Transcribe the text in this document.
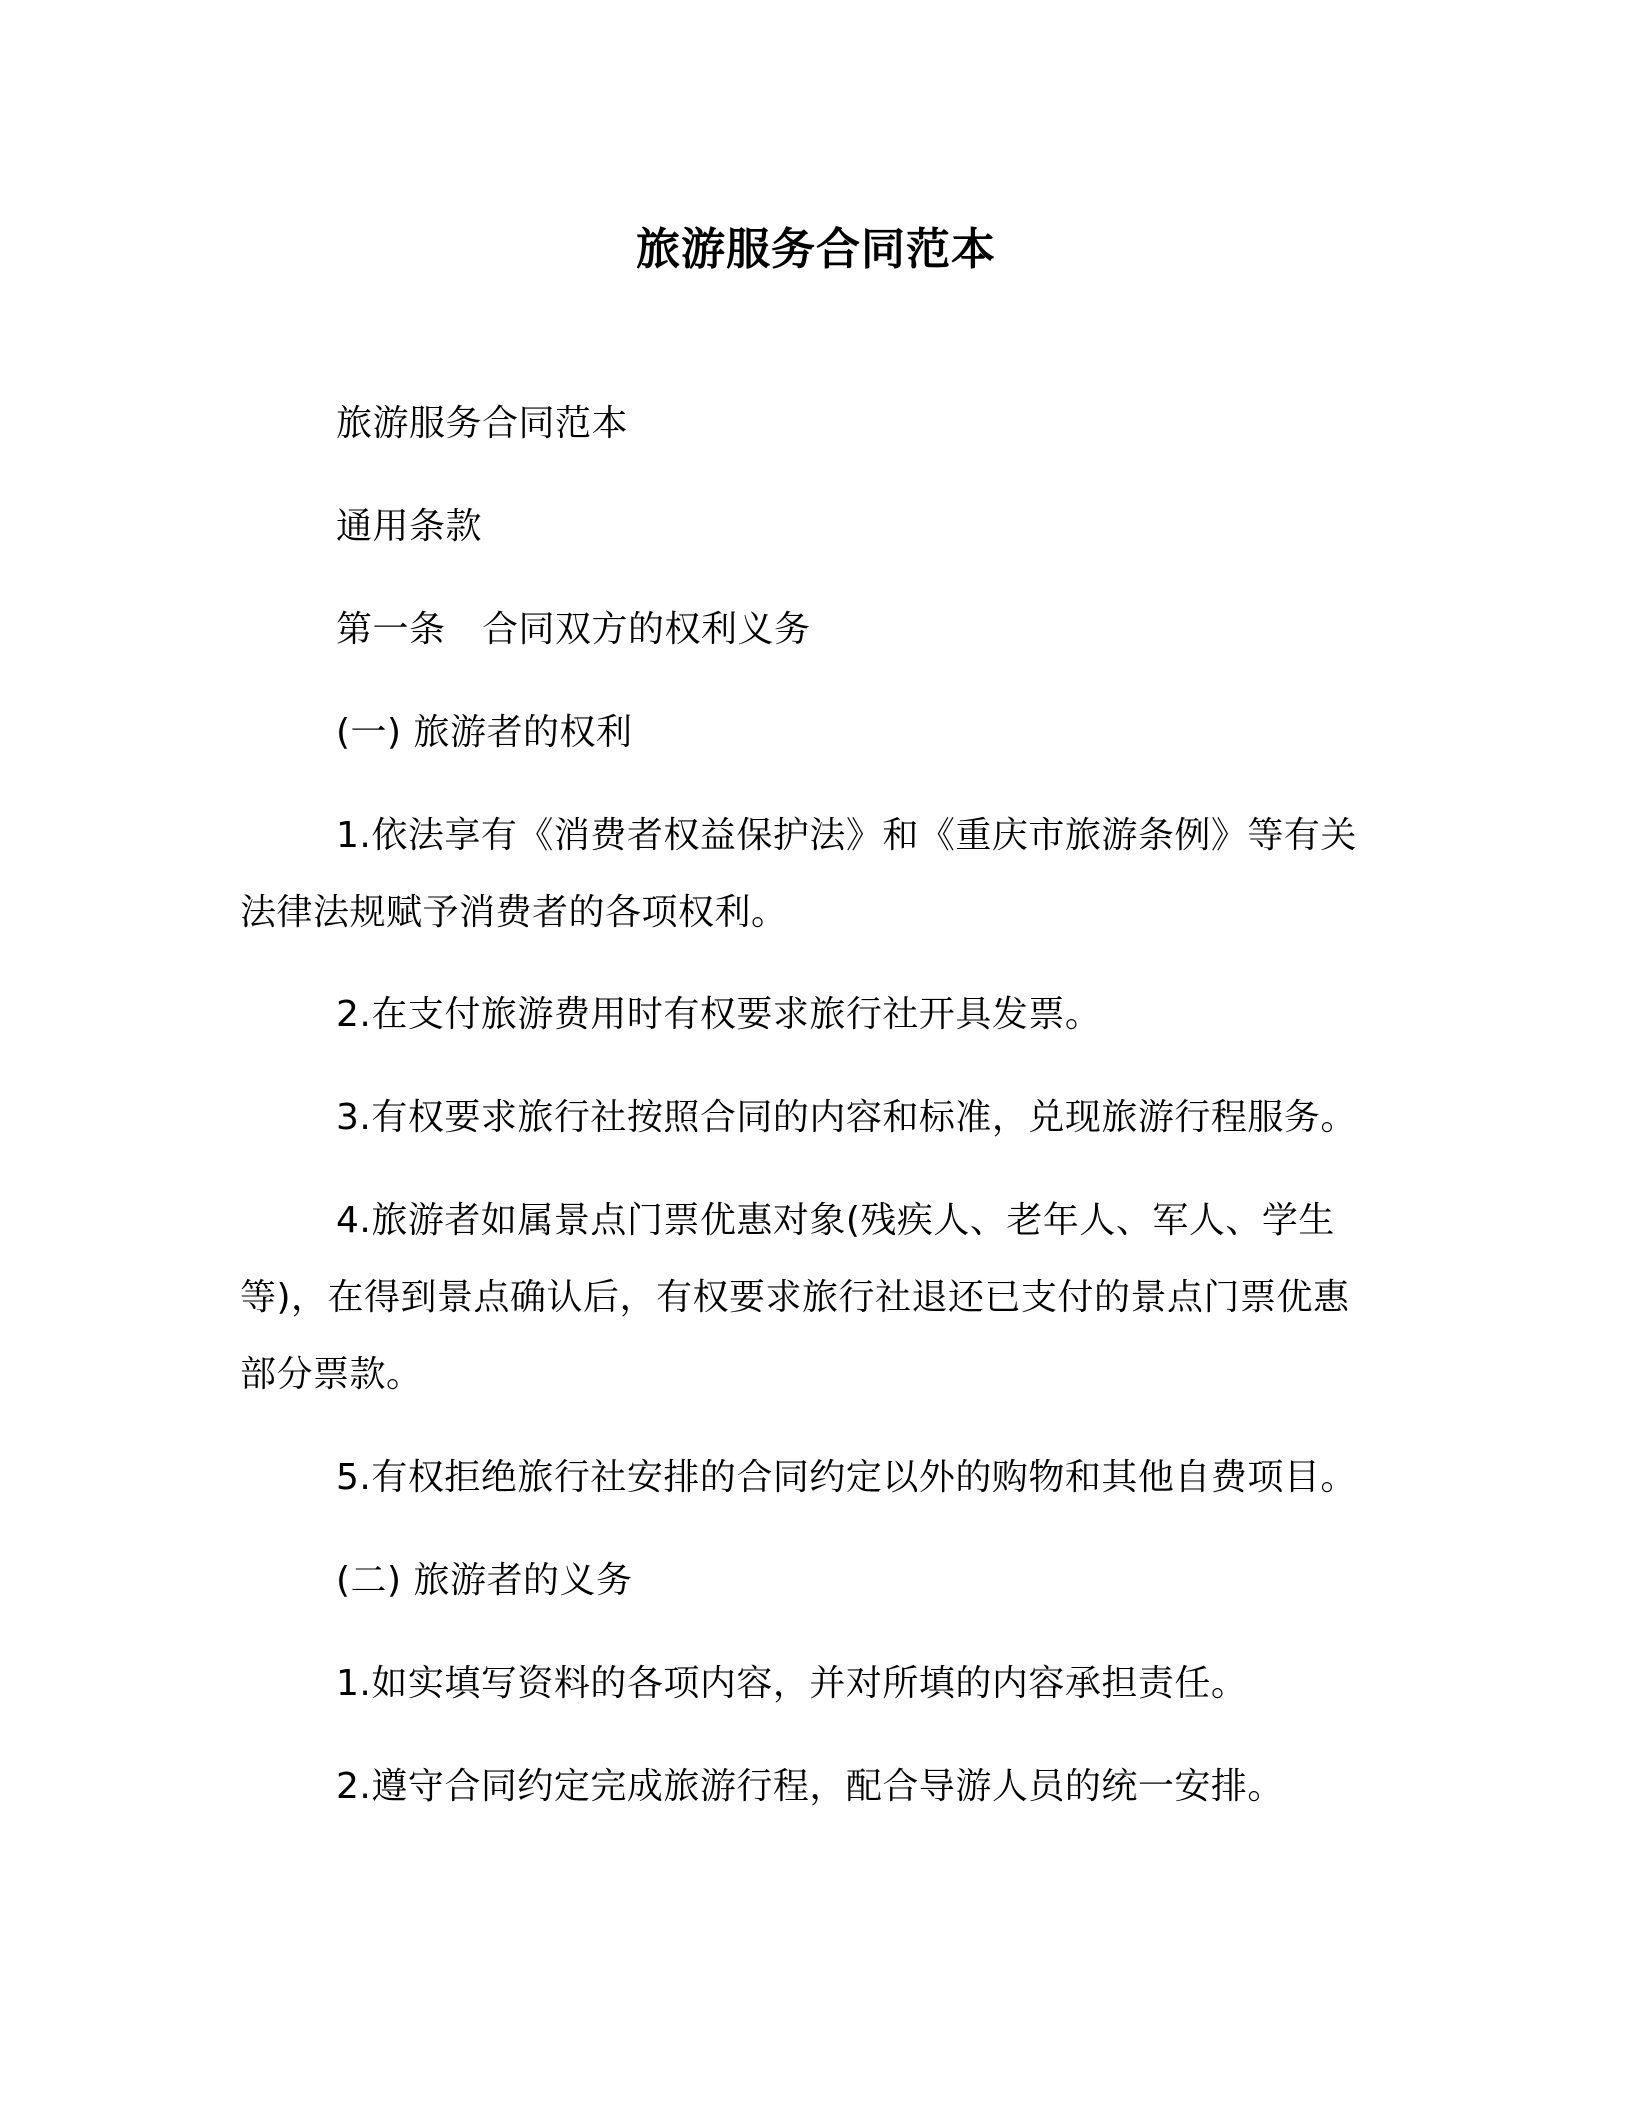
旅游服务合同范本
旅游服务合同范本
通用条款
第一条　合同双方的权利义务
(一) 旅游者的权利
1.依法享有《消费者权益保护法》和《重庆市旅游条例》等有关法律法规赋予消费者的各项权利。
2.在支付旅游费用时有权要求旅行社开具发票。
3.有权要求旅行社按照合同的内容和标准，兑现旅游行程服务。
4.旅游者如属景点门票优惠对象(残疾人、老年人、军人、学生等)，在得到景点确认后，有权要求旅行社退还已支付的景点门票优惠部分票款。
5.有权拒绝旅行社安排的合同约定以外的购物和其他自费项目。
(二) 旅游者的义务
1.如实填写资料的各项内容，并对所填的内容承担责任。
2.遵守合同约定完成旅游行程，配合导游人员的统一安排。
